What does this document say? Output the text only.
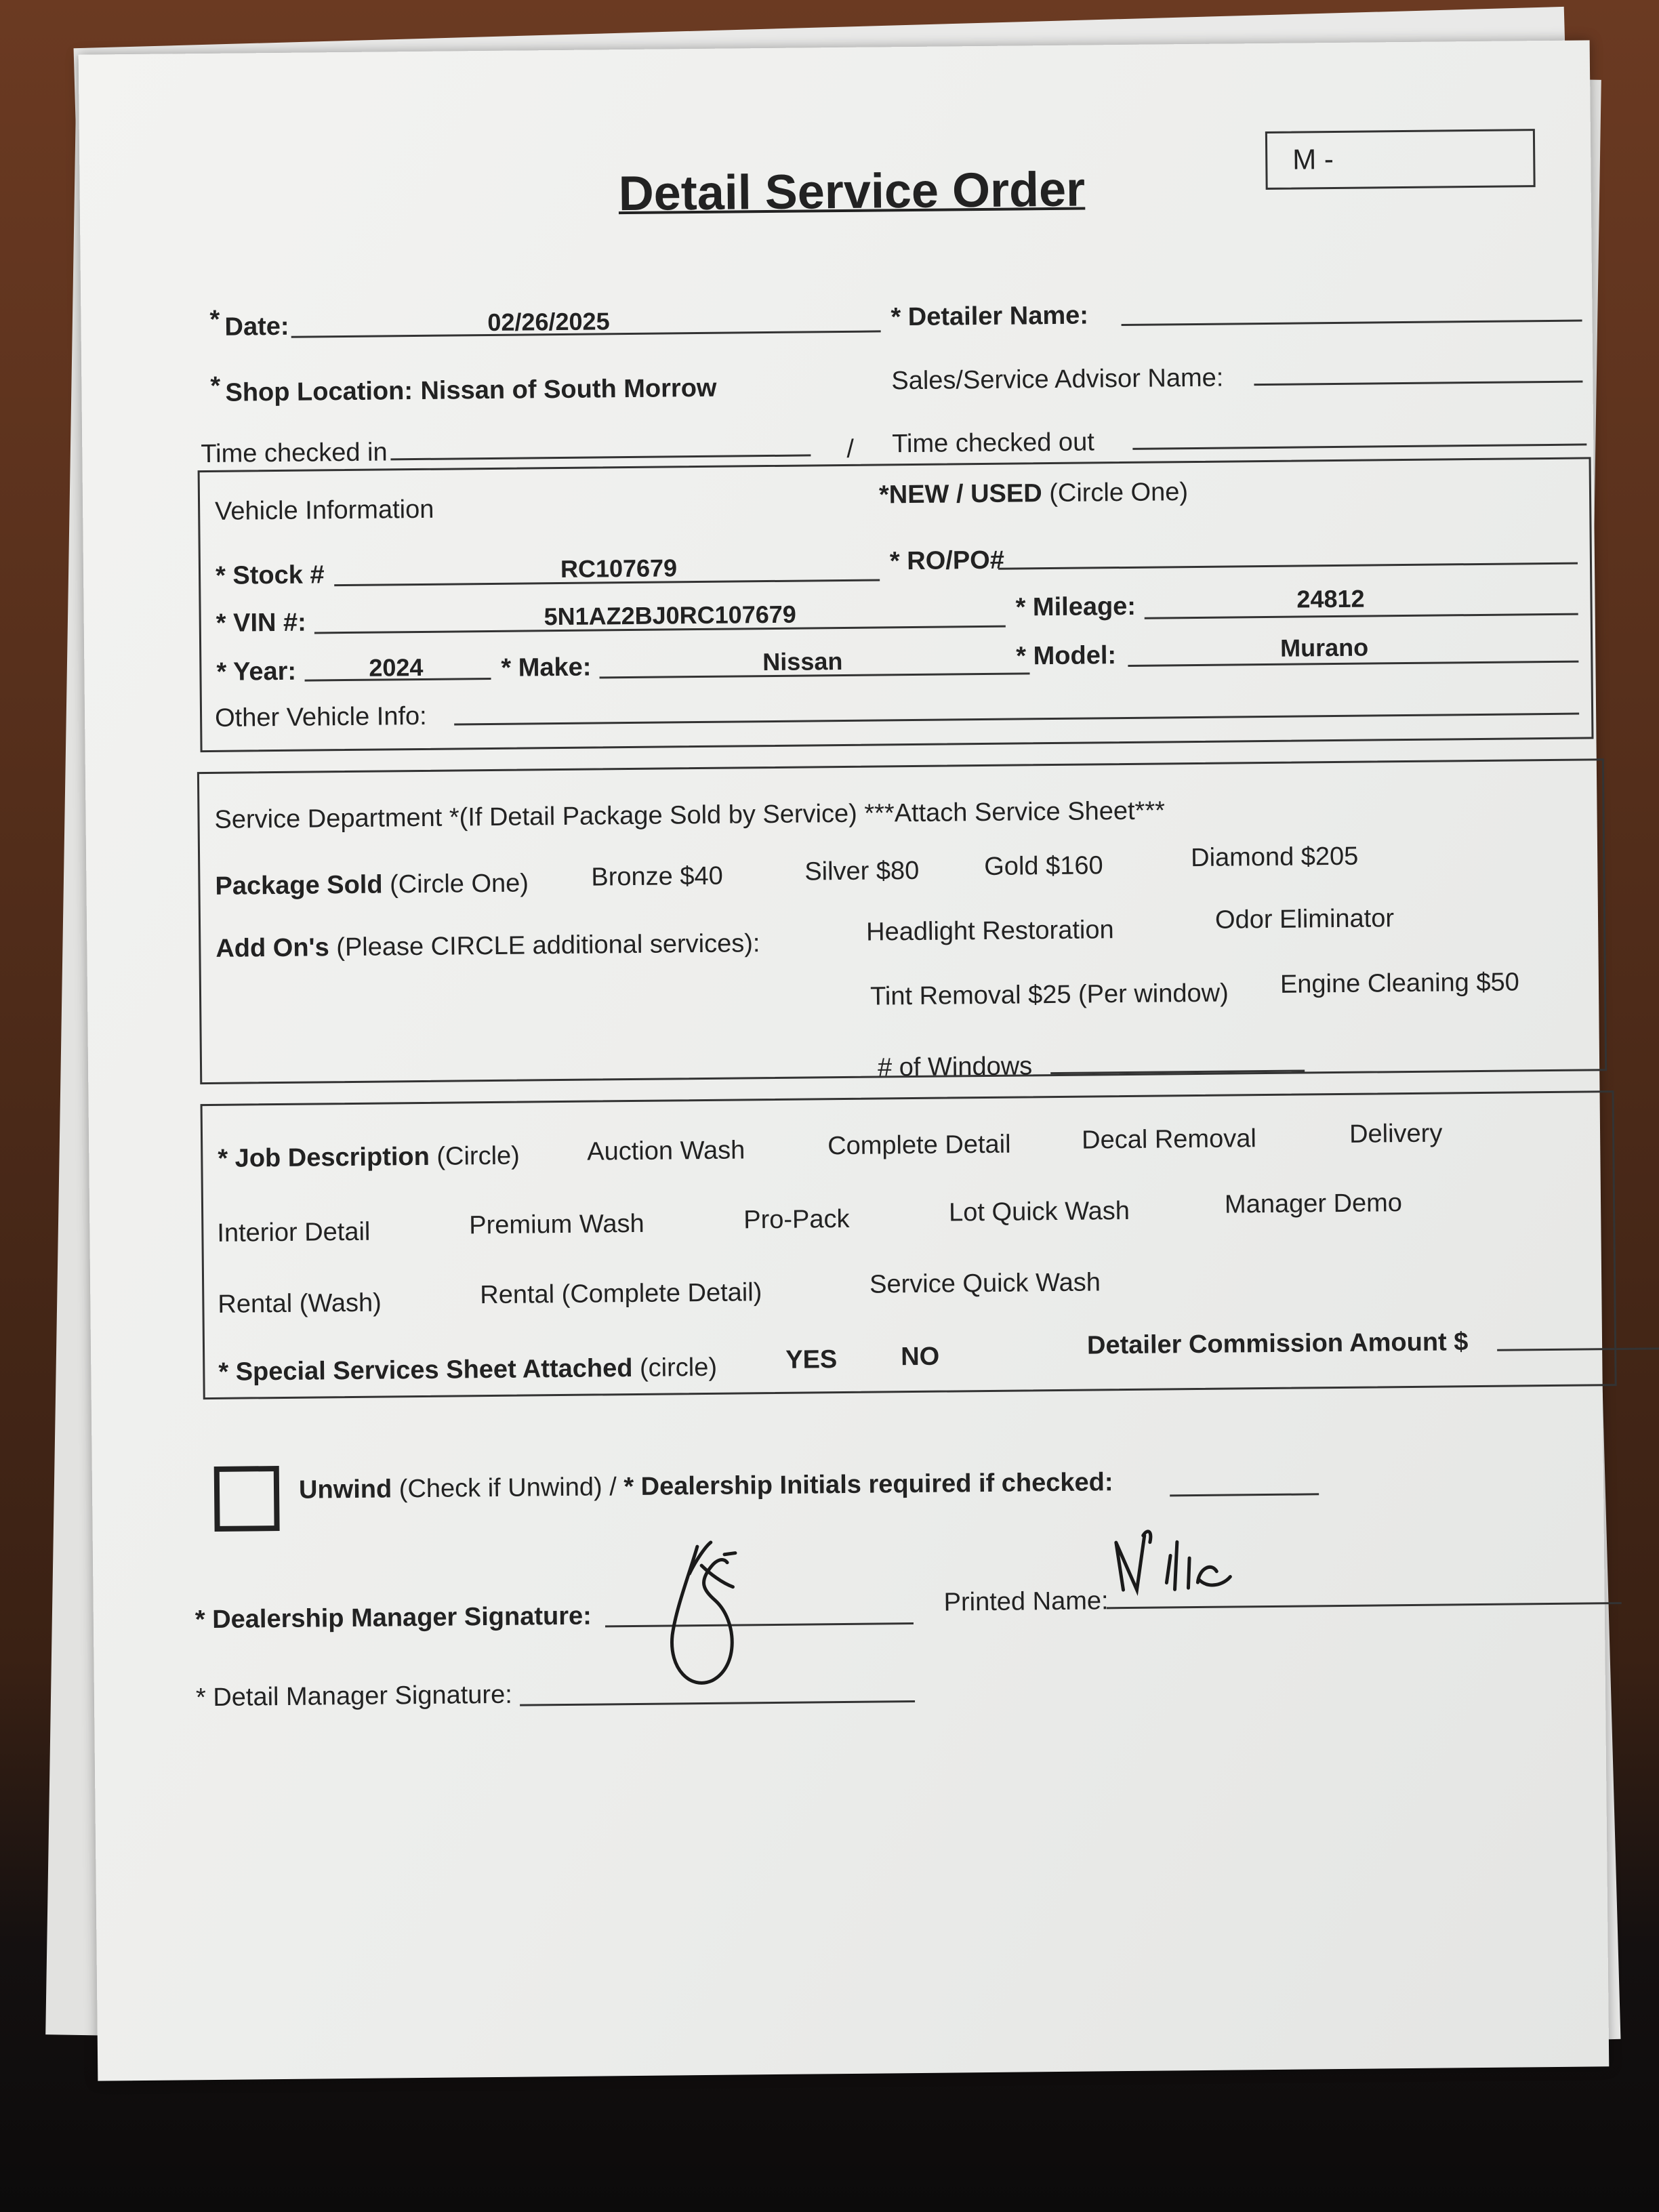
Detail Service Order
M -
* Date:	02/26/2025	* Detailer Name:
* Shop Location: Nissan of South Morrow	Sales/Service Advisor Name:
Time checked in	/ Time checked out
Vehicle Information
*NEW / USED (Circle One)
* Stock #	RC107679	* RO/PO#
* VIN #:	5N1AZ2BJ0RC107679	* Mileage:	24812
* Year:	2024	* Make:	Nissan	* Model:	Murano
Other Vehicle Info:
Service Department *(If Detail Package Sold by Service) ***Attach Service Sheet***
Package Sold (Circle One) Bronze $40	Silver $80	Gold $160	Diamond $205
Add On's (Please CIRCLE additional services):	Headlight Restoration	Odor Eliminator
Tint Removal $25 (Per window) Engine Cleaning $50
# of Windows
* Job Description (Circle)	Auction Wash	Complete Detail	Decal Removal	Delivery
Interior Detail	Premium Wash	Pro-Pack	Lot Quick Wash	Manager Demo
Rental (Wash)	Rental (Complete Detail)	Service Quick Wash
* Special Services Sheet Attached (circle)	YES NO	Detailer Commission Amount $
Unwind (Check if Unwind) / * Dealership Initials required if checked:
* Dealership Manager Signature:
Printed Name:
* Detail Manager Signature:
